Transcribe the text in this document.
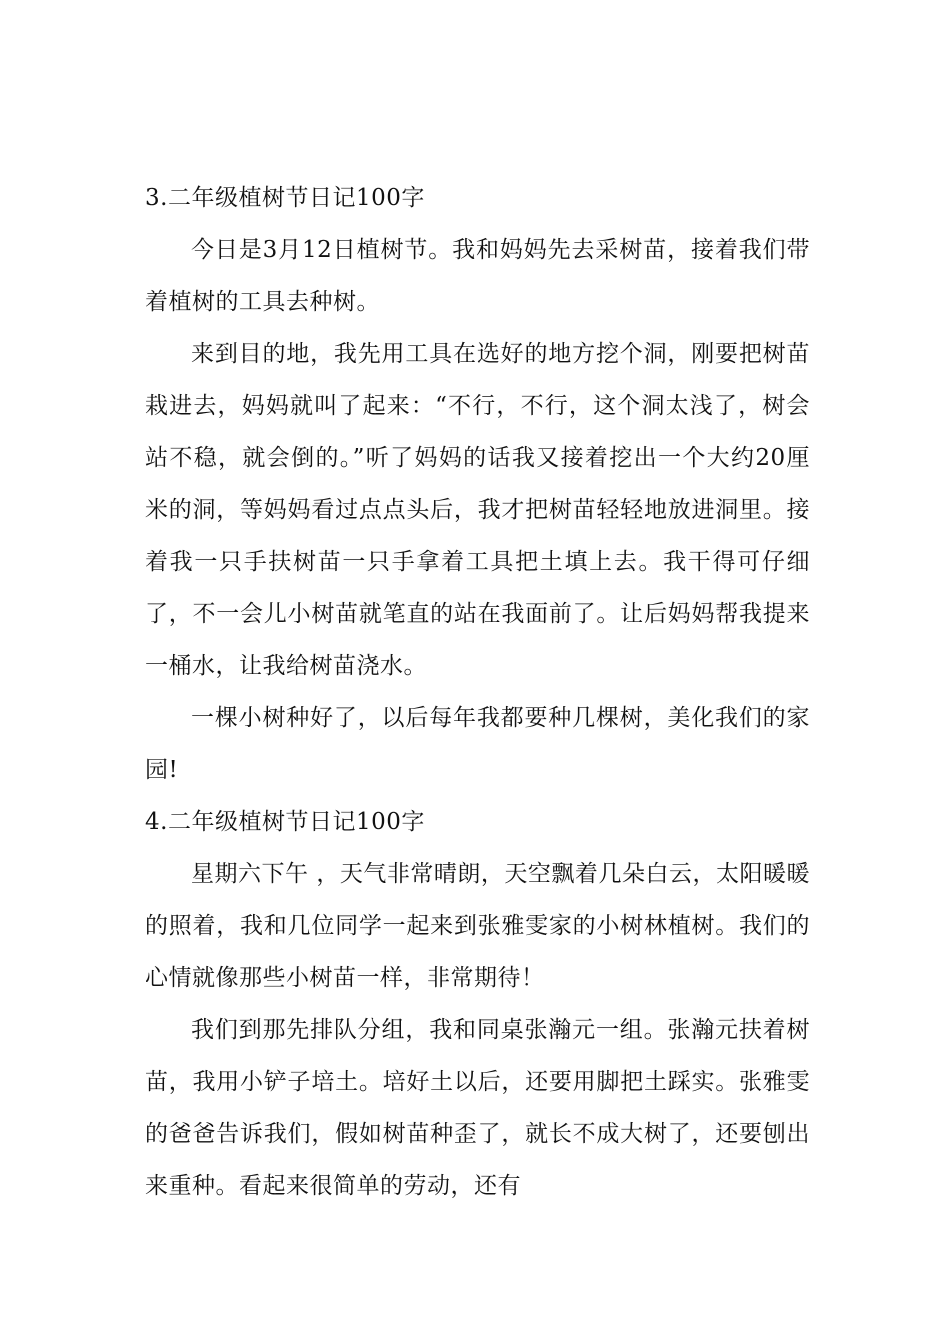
3.二年级植树节日记100字

今日是3月12日植树节。我和妈妈先去采树苗，接着我们带着植树的工具去种树。

来到目的地，我先用工具在选好的地方挖个洞，刚要把树苗栽进去，妈妈就叫了起来：“不行，不行，这个洞太浅了，树会站不稳，就会倒的。”听了妈妈的话我又接着挖出一个大约20厘米的洞，等妈妈看过点点头后，我才把树苗轻轻地放进洞里。接着我一只手扶树苗一只手拿着工具把土填上去。我干得可仔细了，不一会儿小树苗就笔直的站在我面前了。让后妈妈帮我提来一桶水，让我给树苗浇水。

一棵小树种好了，以后每年我都要种几棵树，美化我们的家园!

4.二年级植树节日记100字

星期六下午 ，天气非常晴朗，天空飘着几朵白云，太阳暖暖的照着，我和几位同学一起来到张雅雯家的小树林植树。我们的心情就像那些小树苗一样，非常期待！

我们到那先排队分组，我和同桌张瀚元一组。张瀚元扶着树苗，我用小铲子培土。培好土以后，还要用脚把土踩实。张雅雯的爸爸告诉我们，假如树苗种歪了，就长不成大树了，还要刨出来重种。看起来很简单的劳动，还有
